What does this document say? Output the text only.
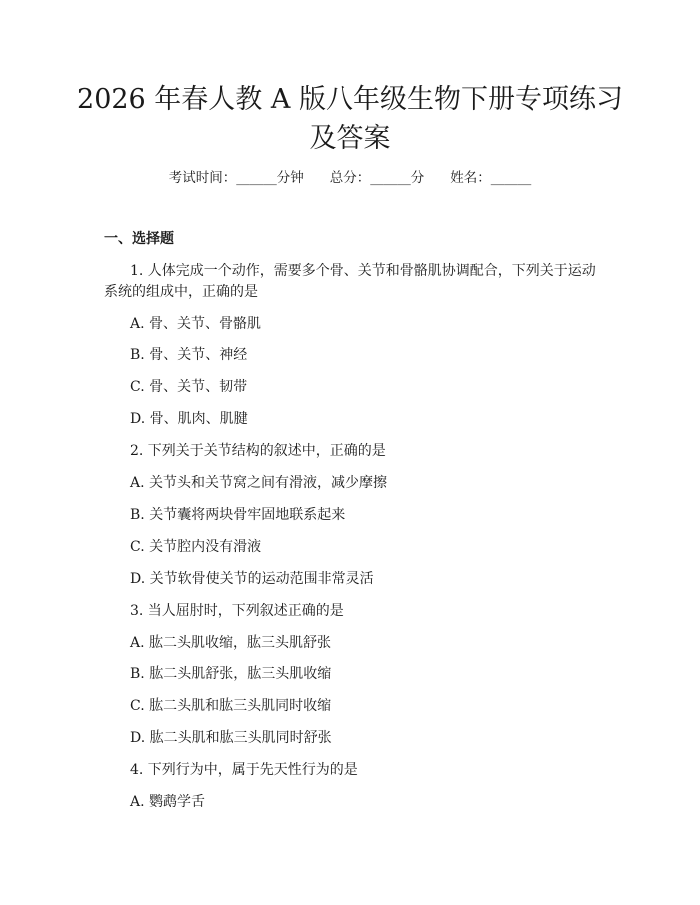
2026 年春人教 A 版八年级生物下册专项练习
及答案
考试时间：______分钟 总分：______分 姓名：______
一、选择题
1. 人体完成一个动作，需要多个骨、关节和骨骼肌协调配合，下列关于运动
系统的组成中，正确的是
A. 骨、关节、骨骼肌
B. 骨、关节、神经
C. 骨、关节、韧带
D. 骨、肌肉、肌腱
2. 下列关于关节结构的叙述中，正确的是
A. 关节头和关节窝之间有滑液，减少摩擦
B. 关节囊将两块骨牢固地联系起来
C. 关节腔内没有滑液
D. 关节软骨使关节的运动范围非常灵活
3. 当人屈肘时，下列叙述正确的是
A. 肱二头肌收缩，肱三头肌舒张
B. 肱二头肌舒张，肱三头肌收缩
C. 肱二头肌和肱三头肌同时收缩
D. 肱二头肌和肱三头肌同时舒张
4. 下列行为中，属于先天性行为的是
A. 鹦鹉学舌
